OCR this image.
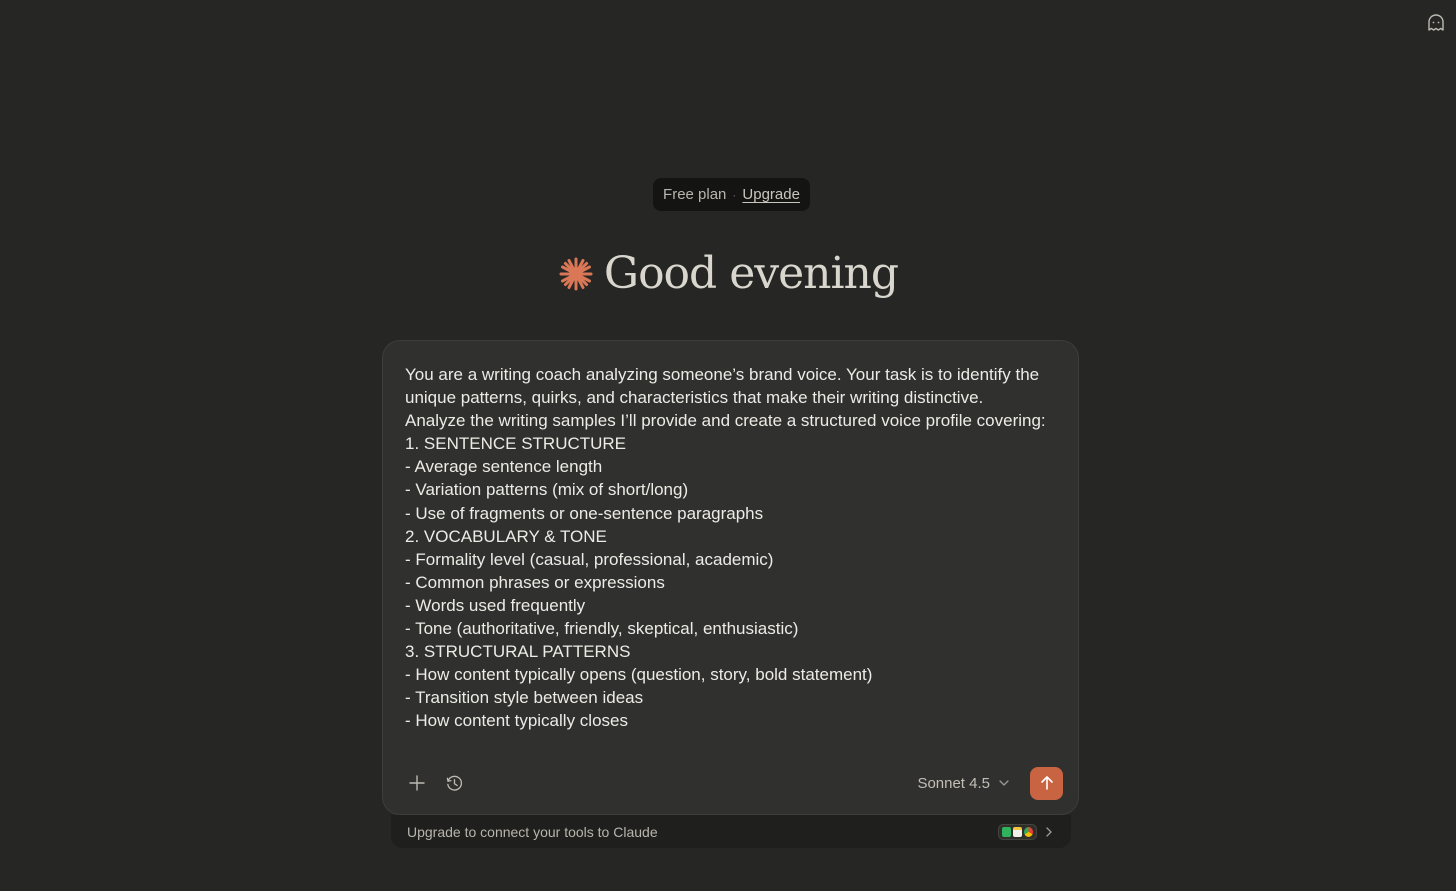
Free plan · Upgrade
Good evening
You are a writing coach analyzing someone’s brand voice. Your task is to identify the unique patterns, quirks, and characteristics that make their writing distinctive.
Analyze the writing samples I’ll provide and create a structured voice profile covering:
1. SENTENCE STRUCTURE
- Average sentence length
- Variation patterns (mix of short/long)
- Use of fragments or one-sentence paragraphs
2. VOCABULARY & TONE
- Formality level (casual, professional, academic)
- Common phrases or expressions
- Words used frequently
- Tone (authoritative, friendly, skeptical, enthusiastic)
3. STRUCTURAL PATTERNS
- How content typically opens (question, story, bold statement)
- Transition style between ideas
- How content typically closes
Sonnet 4.5
Upgrade to connect your tools to Claude
